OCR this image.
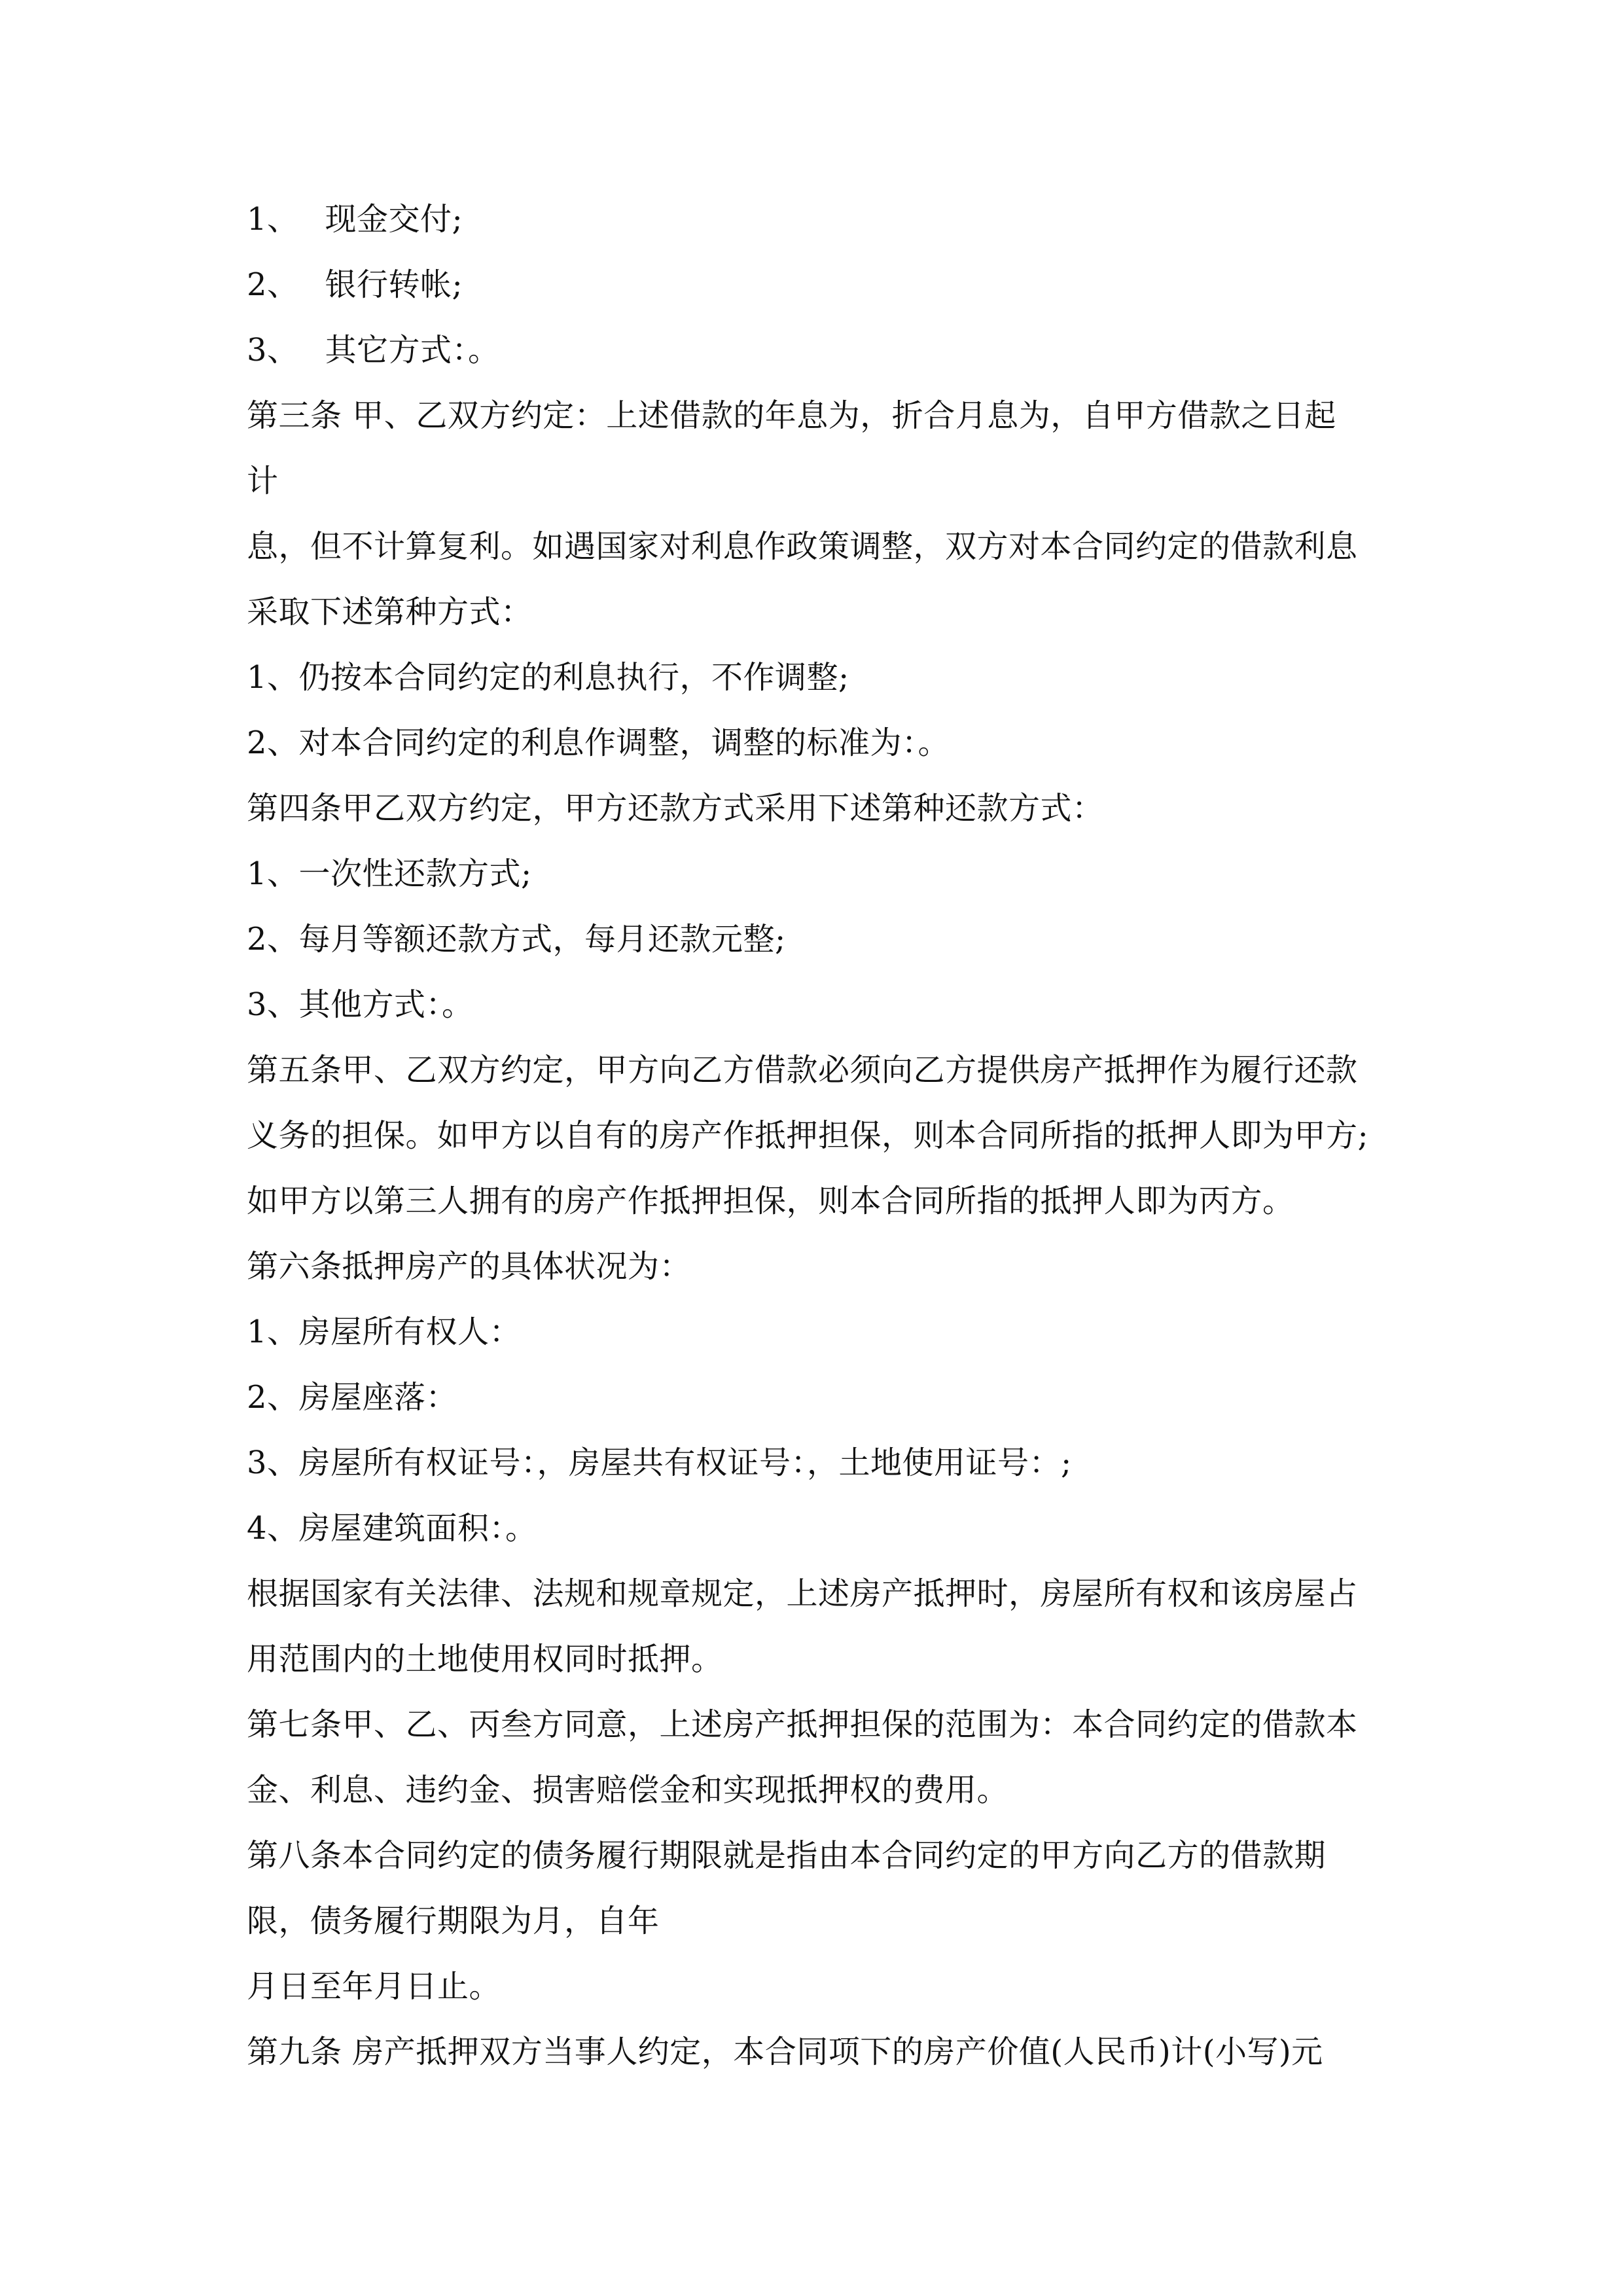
1、 现金交付;
2、 银行转帐;
3、 其它方式：。
第三条 甲、乙双方约定：上述借款的年息为，折合月息为，自甲方借款之日起
计
息，但不计算复利。如遇国家对利息作政策调整，双方对本合同约定的借款利息
采取下述第种方式：
1、仍按本合同约定的利息执行，不作调整;
2、对本合同约定的利息作调整，调整的标准为：。
第四条甲乙双方约定，甲方还款方式采用下述第种还款方式：
1、一次性还款方式;
2、每月等额还款方式，每月还款元整;
3、其他方式：。
第五条甲、乙双方约定，甲方向乙方借款必须向乙方提供房产抵押作为履行还款
义务的担保。如甲方以自有的房产作抵押担保，则本合同所指的抵押人即为甲方;
如甲方以第三人拥有的房产作抵押担保，则本合同所指的抵押人即为丙方。
第六条抵押房产的具体状况为：
1、房屋所有权人：
2、房屋座落：
3、房屋所有权证号：，房屋共有权证号：，土地使用证号：;
4、房屋建筑面积：。
根据国家有关法律、法规和规章规定，上述房产抵押时，房屋所有权和该房屋占
用范围内的土地使用权同时抵押。
第七条甲、乙、丙叁方同意，上述房产抵押担保的范围为：本合同约定的借款本
金、利息、违约金、损害赔偿金和实现抵押权的费用。
第八条本合同约定的债务履行期限就是指由本合同约定的甲方向乙方的借款期
限，债务履行期限为月，自年
月日至年月日止。
第九条 房产抵押双方当事人约定，本合同项下的房产价值(人民币)计(小写)元
